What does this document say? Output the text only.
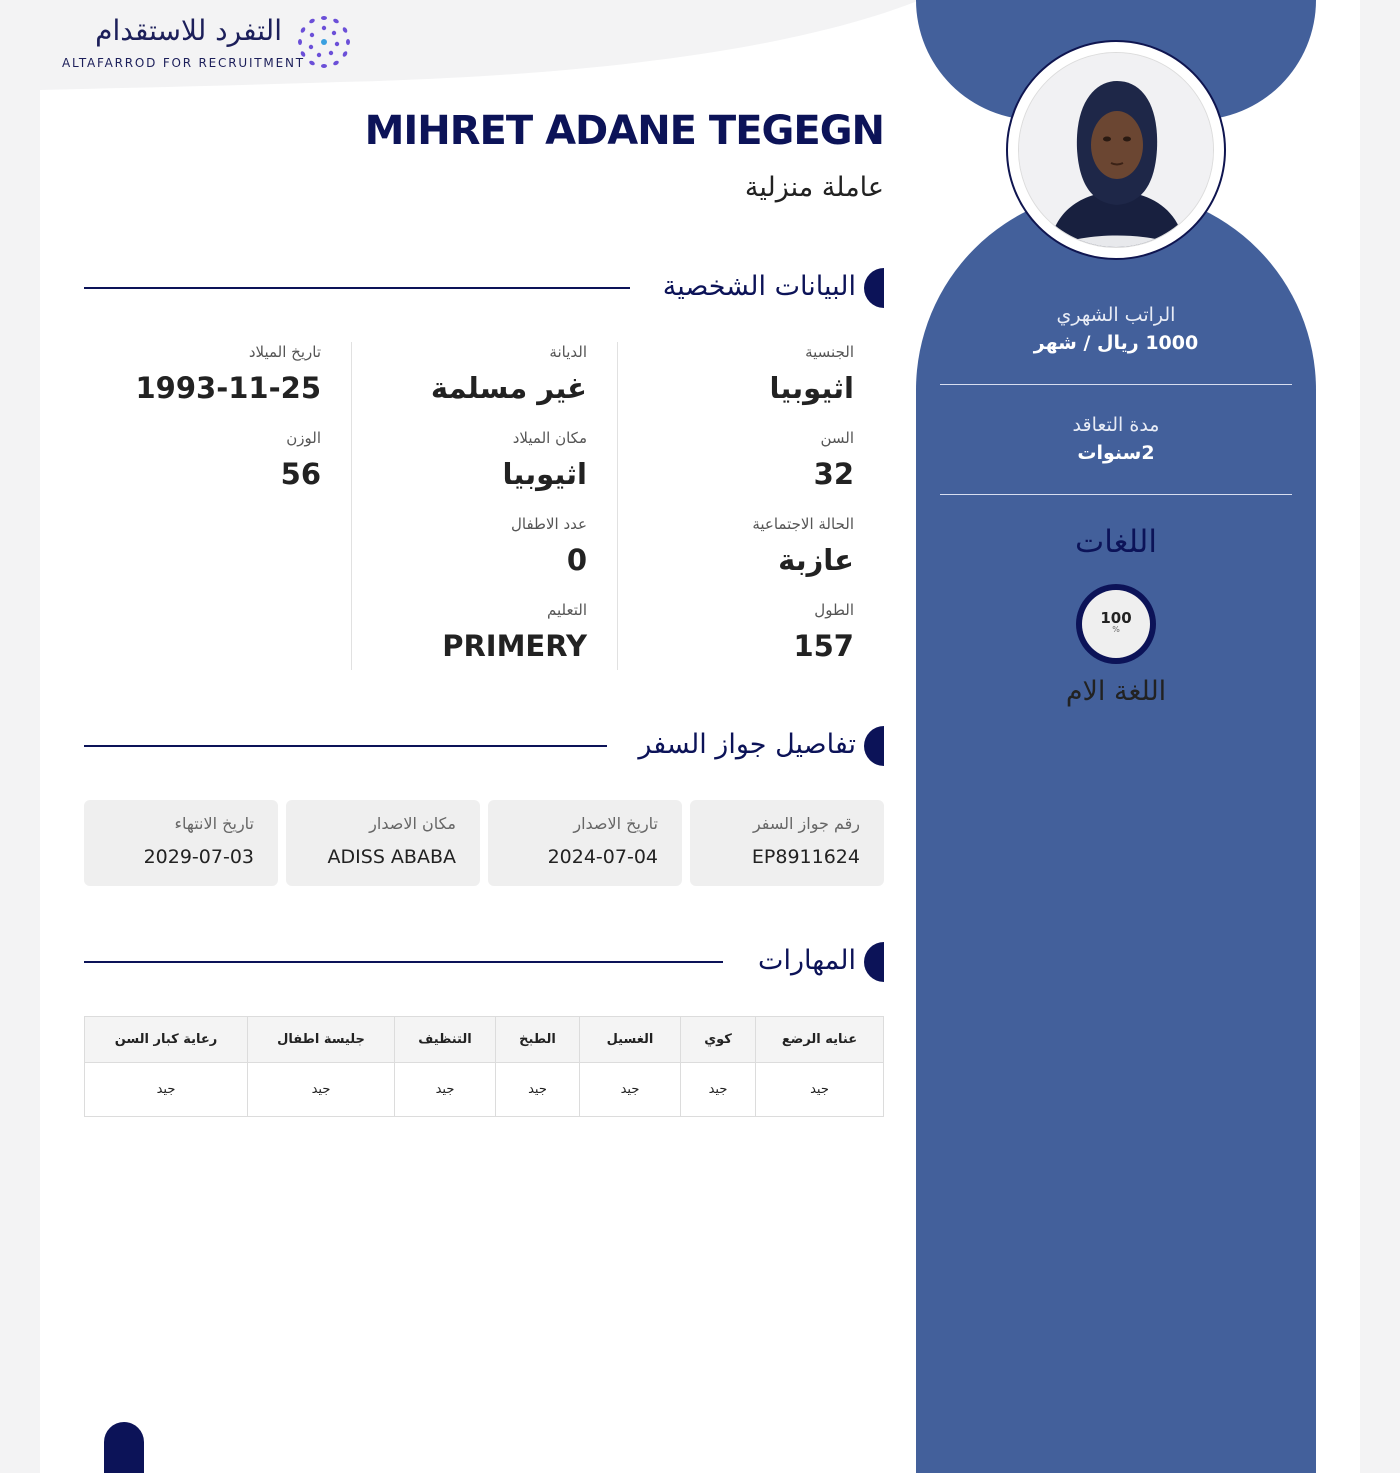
التفرد للاستقدام
ALTAFARROD FOR RECRUITMENT
MIHRET ADANE TEGEGN
عاملة منزلية
البيانات الشخصية
الجنسية
اثيوبيا
السن
32
الحالة الاجتماعية
عازبة
الطول
157
الديانة
غير مسلمة
مكان الميلاد
اثيوبيا
عدد الاطفال
0
التعليم
PRIMERY
تاريخ الميلاد
1993-11-25
الوزن
56
تفاصيل جواز السفر
رقم جواز السفر
EP8911624
تاريخ الاصدار
2024-07-04
مكان الاصدار
ADISS ABABA
تاريخ الانتهاء
2029-07-03
المهارات
عنايه الرضع	كوي	الغسيل	الطبخ	التنظيف	جليسة اطفال	رعاية كبار السن
جيد	جيد	جيد	جيد	جيد	جيد	جيد
الراتب الشهري
1000 ريال / شهر
مدة التعاقد
2سنوات
اللغات
100
%
اللغة الام
